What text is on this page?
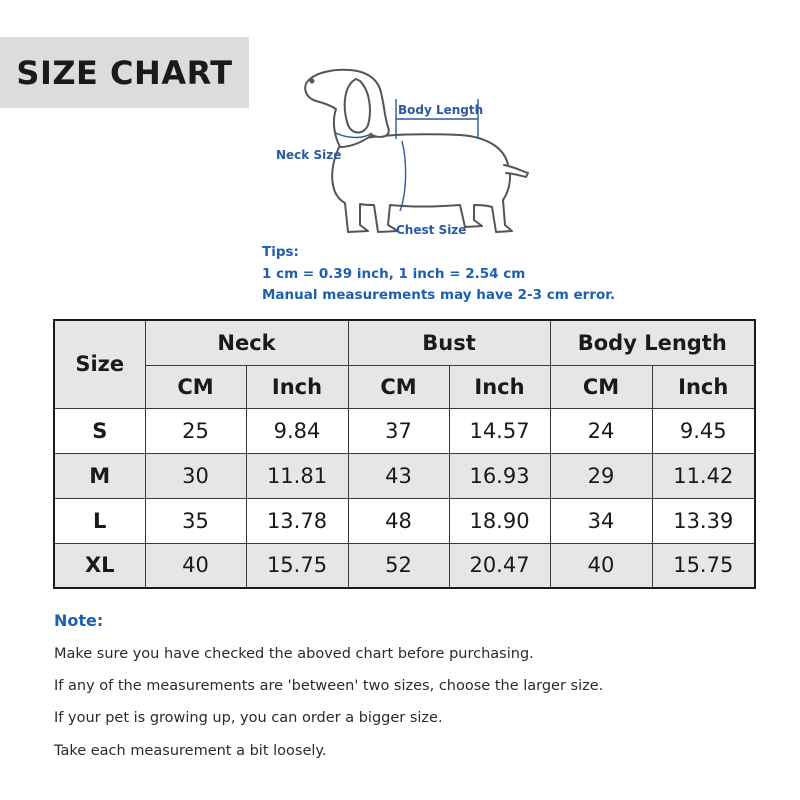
SIZE CHART
Body Length
Neck Size
Chest Size
Tips:
1 cm = 0.39 inch, 1 inch = 2.54 cm
Manual measurements may have 2-3 cm error.
Size	Neck		Bust		Body Length	
	CM	Inch	CM	Inch	CM	Inch
S	25	9.84	37	14.57	24	9.45
M	30	11.81	43	16.93	29	11.42
L	35	13.78	48	18.90	34	13.39
XL	40	15.75	52	20.47	40	15.75
Note:
Make sure you have checked the aboved chart before purchasing.
If any of the measurements are 'between' two sizes, choose the larger size.
If your pet is growing up, you can order a bigger size.
Take each measurement a bit loosely.
